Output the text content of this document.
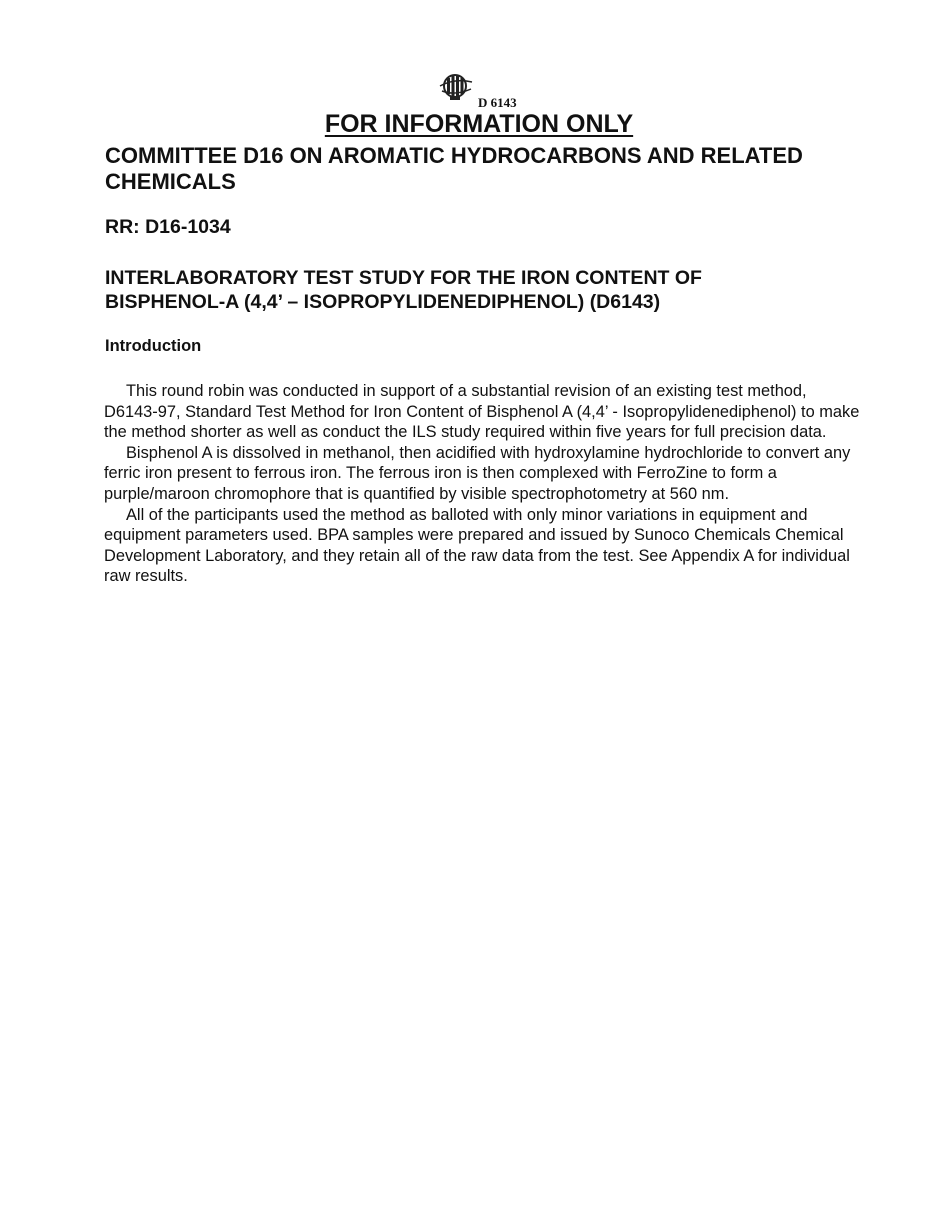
D 6143
FOR INFORMATION ONLY
COMMITTEE D16 ON AROMATIC HYDROCARBONS AND RELATED CHEMICALS
RR: D16-1034
INTERLABORATORY TEST STUDY FOR THE IRON CONTENT OF BISPHENOL-A (4,4’ – ISOPROPYLIDENEDIPHENOL) (D6143)
Introduction

This round robin was conducted in support of a substantial revision of an existing test method, D6143-97, Standard Test Method for Iron Content of Bisphenol A (4,4’ - Isopropylidenediphenol) to make the method shorter as well as conduct the ILS study required within five years for full precision data.

Bisphenol A is dissolved in methanol, then acidified with hydroxylamine hydrochloride to convert any ferric iron present to ferrous iron. The ferrous iron is then complexed with FerroZine to form a purple/maroon chromophore that is quantified by visible spectrophotometry at 560 nm.

All of the participants used the method as balloted with only minor variations in equipment and equipment parameters used. BPA samples were prepared and issued by Sunoco Chemicals Chemical Development Laboratory, and they retain all of the raw data from the test. See Appendix A for individual raw results.
